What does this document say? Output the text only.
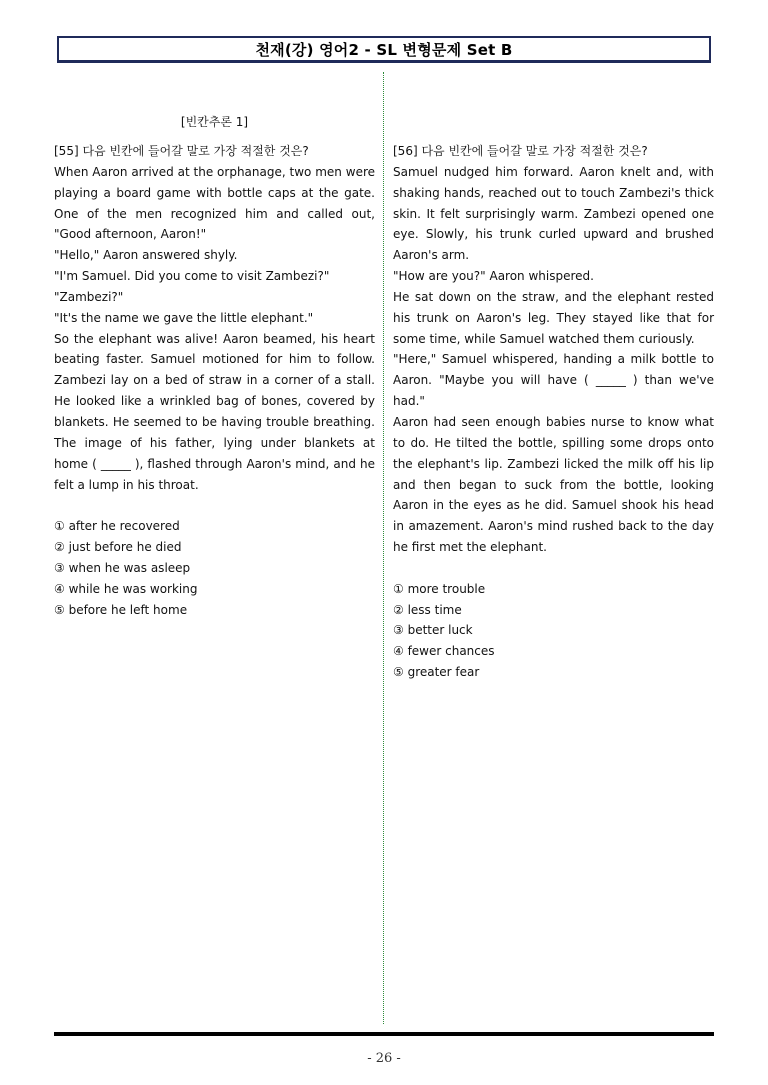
천재(강) 영어2 - SL 변형문제 Set B
[빈칸추론 1]
[55] 다음 빈칸에 들어갈 말로 가장 적절한 것은?
When Aaron arrived at the orphanage, two men were playing a board game with bottle caps at the gate. One of the men recognized him and called out, "Good afternoon, Aaron!"
"Hello," Aaron answered shyly.
"I'm Samuel. Did you come to visit Zambezi?"
"Zambezi?"
"It's the name we gave the little elephant."
So the elephant was alive! Aaron beamed, his heart beating faster. Samuel motioned for him to follow. Zambezi lay on a bed of straw in a corner of a stall. He looked like a wrinkled bag of bones, covered by blankets. He seemed to be having trouble breathing. The image of his father, lying under blankets at home ( _____ ), flashed through Aaron's mind, and he felt a lump in his throat.
① after he recovered
② just before he died
③ when he was asleep
④ while he was working
⑤ before he left home
[56] 다음 빈칸에 들어갈 말로 가장 적절한 것은?
Samuel nudged him forward. Aaron knelt and, with shaking hands, reached out to touch Zambezi's thick skin. It felt surprisingly warm. Zambezi opened one eye. Slowly, his trunk curled upward and brushed Aaron's arm.
"How are you?" Aaron whispered.
He sat down on the straw, and the elephant rested his trunk on Aaron's leg. They stayed like that for some time, while Samuel watched them curiously.
"Here," Samuel whispered, handing a milk bottle to Aaron. "Maybe you will have ( _____ ) than we've had."
Aaron had seen enough babies nurse to know what to do. He tilted the bottle, spilling some drops onto the elephant's lip. Zambezi licked the milk off his lip and then began to suck from the bottle, looking Aaron in the eyes as he did. Samuel shook his head in amazement. Aaron's mind rushed back to the day he first met the elephant.
① more trouble
② less time
③ better luck
④ fewer chances
⑤ greater fear
- 26 -
